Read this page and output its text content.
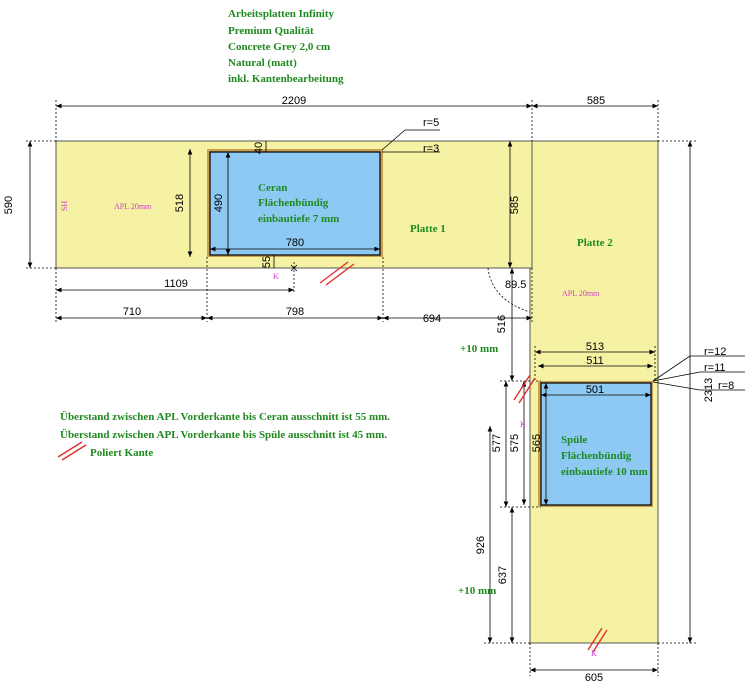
Arbeitsplatten Infinity
Premium Qualität
Concrete Grey 2,0 cm
Natural (matt)
inkl. Kantenbearbeitung
2209	585
590	518 490
780
40
55
1109
710	798
694
585
89.5
516
513
511
501
577 575 565
926
637
2313
605
r=5
r=3
r=12
r=11
r=8
+10 mm
+10 mm
Platte 1
Platte 2
APL 20mm
APL 20mm
SH
K
K
K
Ceran
Flächenbündig
einbautiefe 7 mm
Spüle
Flächenbündig
einbautiefe 10 mm
Überstand zwischen APL Vorderkante bis Ceran ausschnitt ist 55 mm.
Überstand zwischen APL Vorderkante bis Spüle ausschnitt ist 45 mm.
Poliert Kante
